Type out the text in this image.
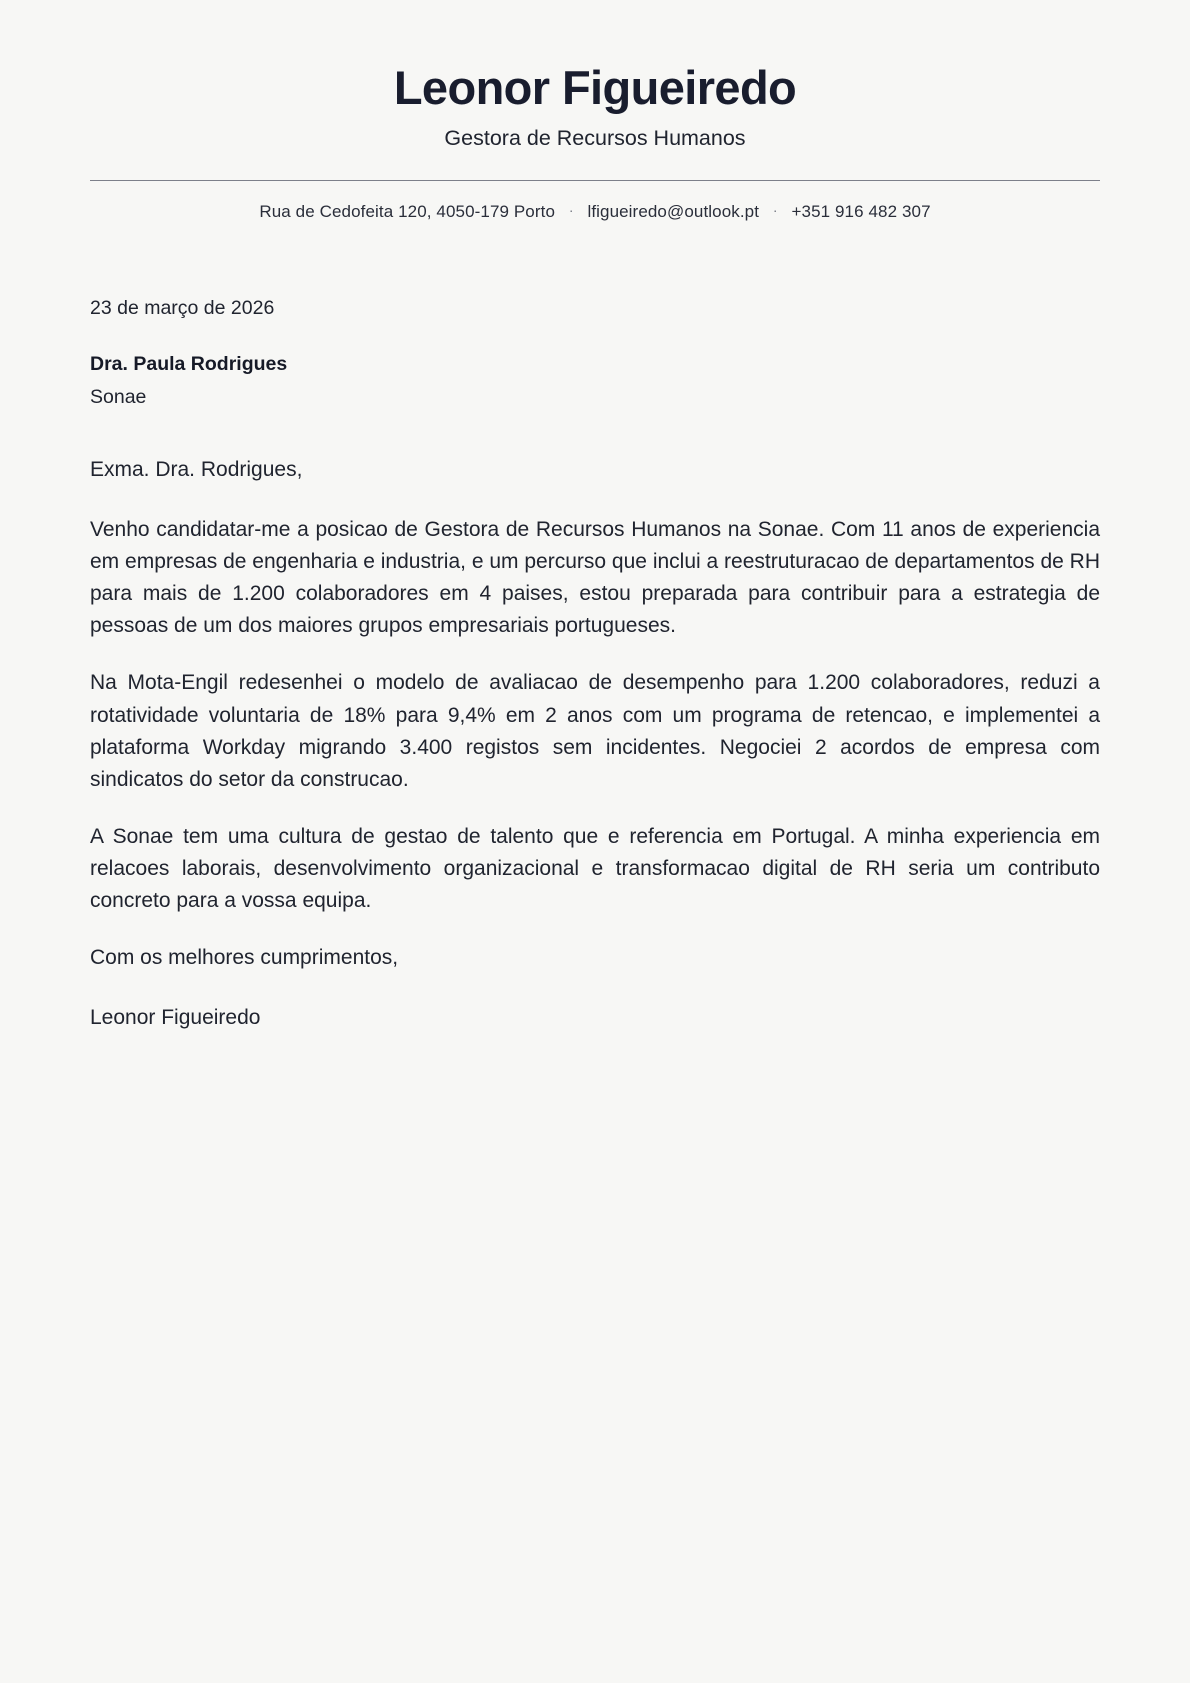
Leonor Figueiredo
Gestora de Recursos Humanos
Rua de Cedofeita 120, 4050-179 Porto · lfigueiredo@outlook.pt · +351 916 482 307
23 de março de 2026
Dra. Paula Rodrigues
Sonae

Exma. Dra. Rodrigues,

Venho candidatar-me a posicao de Gestora de Recursos Humanos na Sonae. Com 11 anos de experiencia em empresas de engenharia e industria, e um percurso que inclui a reestruturacao de departamentos de RH para mais de 1.200 colaboradores em 4 paises, estou preparada para contribuir para a estrategia de pessoas de um dos maiores grupos empresariais portugueses.

Na Mota-Engil redesenhei o modelo de avaliacao de desempenho para 1.200 colaboradores, reduzi a rotatividade voluntaria de 18% para 9,4% em 2 anos com um programa de retencao, e implementei a plataforma Workday migrando 3.400 registos sem incidentes. Negociei 2 acordos de empresa com sindicatos do setor da construcao.

A Sonae tem uma cultura de gestao de talento que e referencia em Portugal. A minha experiencia em relacoes laborais, desenvolvimento organizacional e transformacao digital de RH seria um contributo concreto para a vossa equipa.

Com os melhores cumprimentos,

Leonor Figueiredo
